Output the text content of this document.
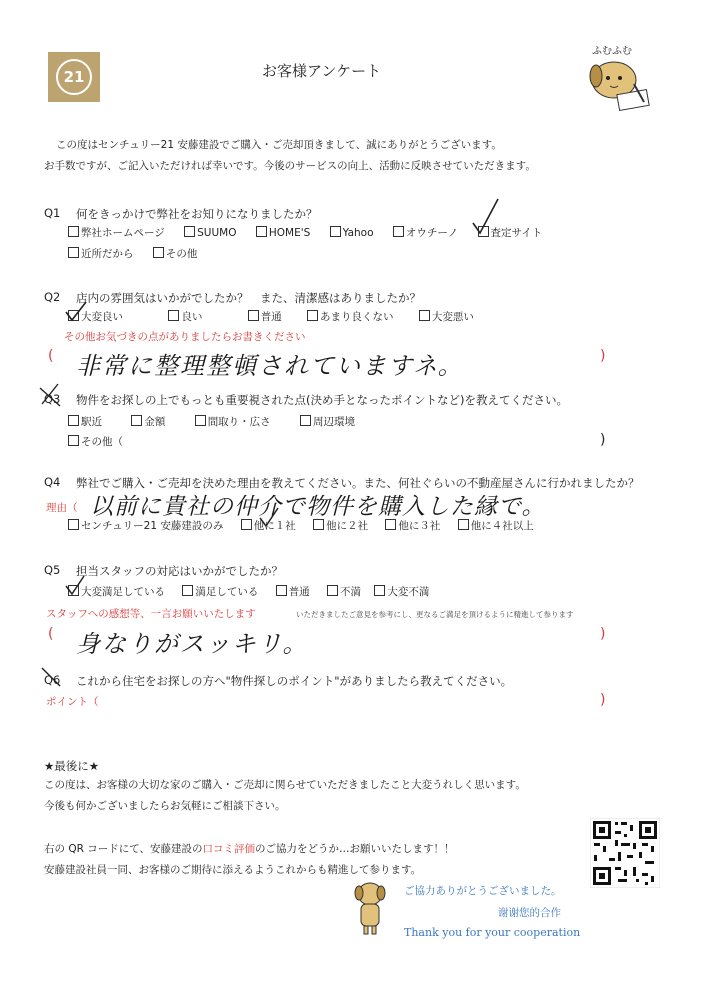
21	お客様アンケート
ふむふむ
この度はセンチュリー21 安藤建設でご購入・ご売却頂きまして、誠にありがとうございます。
お手数ですが、ご記入いただければ幸いです。今後のサービスの向上、活動に反映させていただきます。
Q1 何をきっかけで弊社をお知りになりましたか？
弊社ホームページ	SUUMO	HOME'S	Yahoo	オウチーノ	査定サイト
近所だから	その他
Q2 店内の雰囲気はいかがでしたか？　また、清潔感はありましたか？
大変良い	良い	普通	あまり良くない	大変悪い
その他お気づきの点がありましたらお書きください
( 非常に整理整頓されていますネ。	)
Q3 物件をお探しの上でもっとも重要視された点(決め手となったポイントなど)を教えてください。
駅近	金額	間取り・広さ	周辺環境
その他（	)
Q4 弊社でご購入・ご売却を決めた理由を教えてください。また、何社ぐらいの不動産屋さんに行かれましたか？
理由（ 以前に貴社の仲介で物件を購入した縁で。
センチュリー21 安藤建設のみ	他に１社	他に２社	他に３社	他に４社以上
Q5 担当スタッフの対応はいかがでしたか？
大変満足している	満足している	普通	不満	大変不満
スタッフへの感想等、一言お願いいたします	いただきましたご意見を参考にし、更なるご満足を頂けるように精進して参ります
( 身なりがスッキリ。	)
Q6 これから住宅をお探しの方へ"物件探しのポイント"がありましたら教えてください。
ポイント（	)
★最後に★
この度は、お客様の大切な家のご購入・ご売却に関らせていただきましたこと大変うれしく思います。
今後も何かございましたらお気軽にご相談下さい。
右の QR コードにて、安藤建設の口コミ評価のご協力をどうか…お願いいたします！！
安藤建設社員一同、お客様のご期待に添えるようこれからも精進して参ります。
ご協力ありがとうございました。
谢谢您的合作
Thank you for your cooperation
